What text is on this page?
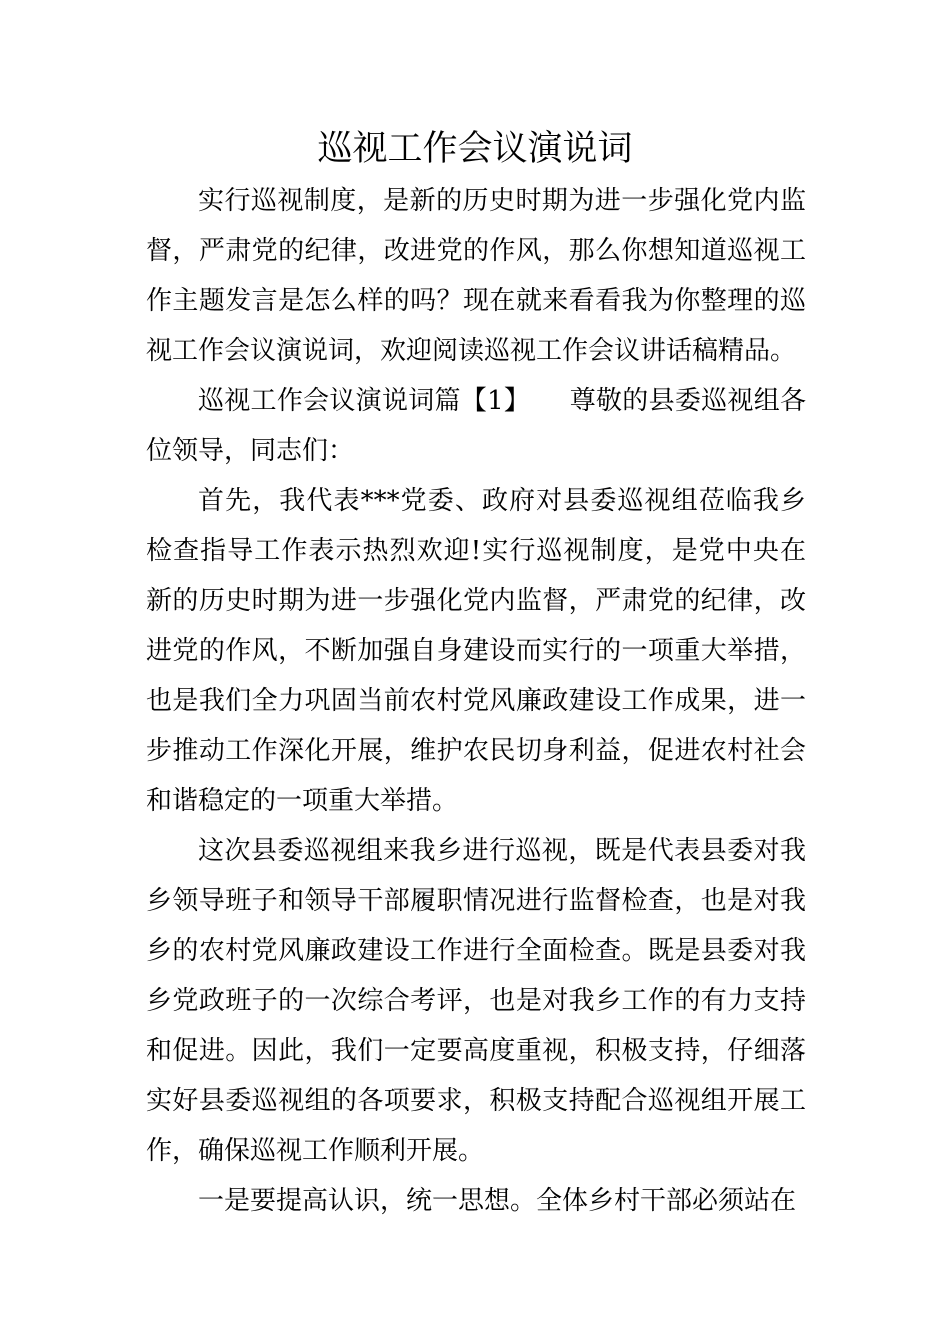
巡视工作会议演说词

实行巡视制度，是新的历史时期为进一步强化党内监督，严肃党的纪律，改进党的作风，那么你想知道巡视工作主题发言是怎么样的吗？现在就来看看我为你整理的巡视工作会议演说词，欢迎阅读巡视工作会议讲话稿精品。

巡视工作会议演说词篇【1】　　尊敬的县委巡视组各位领导，同志们：

首先，我代表***党委、政府对县委巡视组莅临我乡检查指导工作表示热烈欢迎!实行巡视制度，是党中央在新的历史时期为进一步强化党内监督，严肃党的纪律，改进党的作风，不断加强自身建设而实行的一项重大举措，也是我们全力巩固当前农村党风廉政建设工作成果，进一步推动工作深化开展，维护农民切身利益，促进农村社会和谐稳定的一项重大举措。

这次县委巡视组来我乡进行巡视，既是代表县委对我乡领导班子和领导干部履职情况进行监督检查，也是对我乡的农村党风廉政建设工作进行全面检查。既是县委对我乡党政班子的一次综合考评，也是对我乡工作的有力支持和促进。因此，我们一定要高度重视，积极支持，仔细落实好县委巡视组的各项要求，积极支持配合巡视组开展工作，确保巡视工作顺利开展。

一是要提高认识，统一思想。全体乡村干部必须站在
